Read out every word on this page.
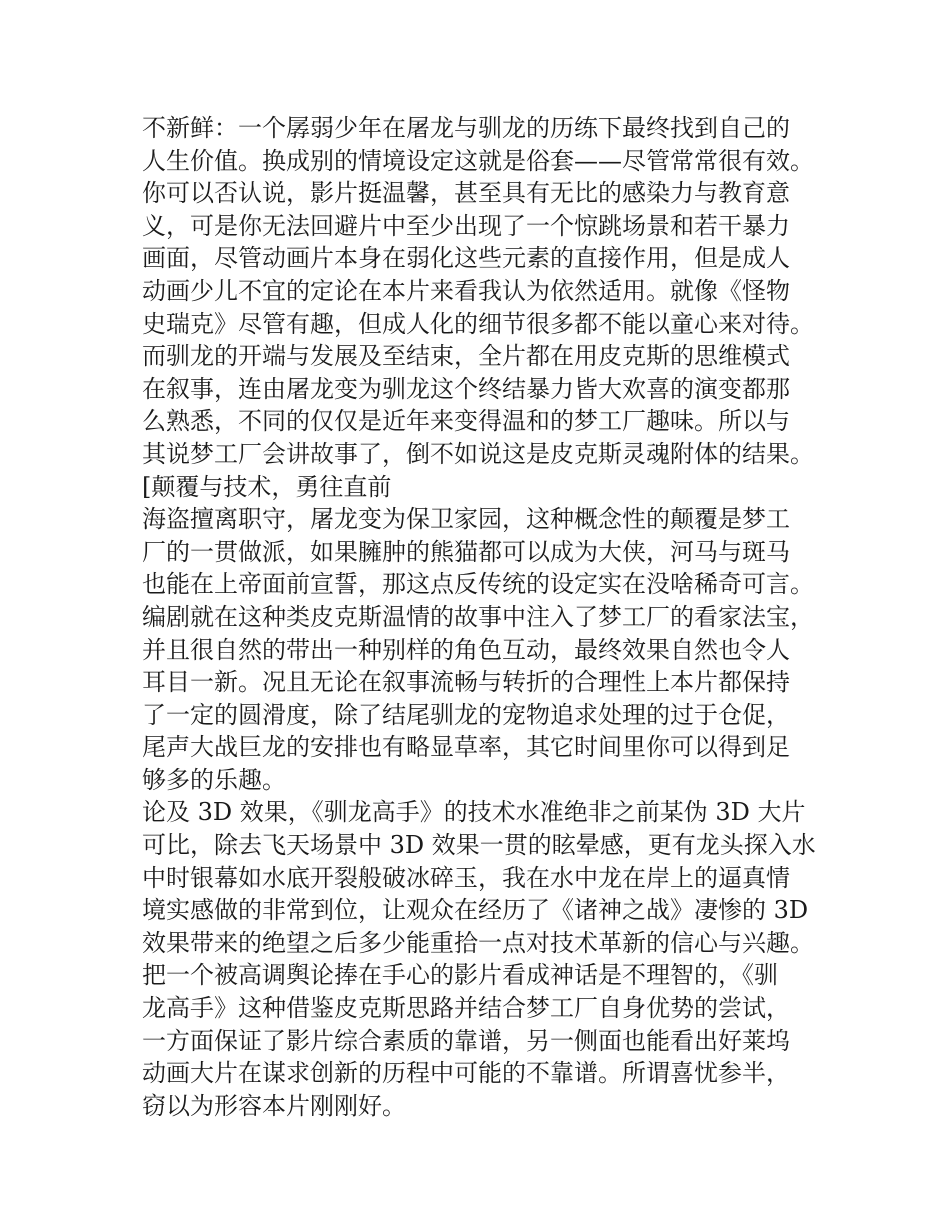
不新鲜：一个孱弱少年在屠龙与驯龙的历练下最终找到自己的
人生价值。换成别的情境设定这就是俗套——尽管常常很有效。
你可以否认说，影片挺温馨，甚至具有无比的感染力与教育意
义，可是你无法回避片中至少出现了一个惊跳场景和若干暴力
画面，尽管动画片本身在弱化这些元素的直接作用，但是成人
动画少儿不宜的定论在本片来看我认为依然适用。就像《怪物
史瑞克》尽管有趣，但成人化的细节很多都不能以童心来对待。
而驯龙的开端与发展及至结束，全片都在用皮克斯的思维模式
在叙事，连由屠龙变为驯龙这个终结暴力皆大欢喜的演变都那
么熟悉，不同的仅仅是近年来变得温和的梦工厂趣味。所以与
其说梦工厂会讲故事了，倒不如说这是皮克斯灵魂附体的结果。
[颠覆与技术，勇往直前
海盗擅离职守，屠龙变为保卫家园，这种概念性的颠覆是梦工
厂的一贯做派，如果臃肿的熊猫都可以成为大侠，河马与斑马
也能在上帝面前宣誓，那这点反传统的设定实在没啥稀奇可言。
编剧就在这种类皮克斯温情的故事中注入了梦工厂的看家法宝，
并且很自然的带出一种别样的角色互动，最终效果自然也令人
耳目一新。况且无论在叙事流畅与转折的合理性上本片都保持
了一定的圆滑度，除了结尾驯龙的宠物追求处理的过于仓促，
尾声大战巨龙的安排也有略显草率，其它时间里你可以得到足
够多的乐趣。
论及 3D 效果，《驯龙高手》的技术水准绝非之前某伪 3D 大片
可比，除去飞天场景中 3D 效果一贯的眩晕感，更有龙头探入水
中时银幕如水底开裂般破冰碎玉，我在水中龙在岸上的逼真情
境实感做的非常到位，让观众在经历了《诸神之战》凄惨的 3D
效果带来的绝望之后多少能重拾一点对技术革新的信心与兴趣。
把一个被高调舆论捧在手心的影片看成神话是不理智的，《驯
龙高手》这种借鉴皮克斯思路并结合梦工厂自身优势的尝试，
一方面保证了影片综合素质的靠谱，另一侧面也能看出好莱坞
动画大片在谋求创新的历程中可能的不靠谱。所谓喜忧参半，
窃以为形容本片刚刚好。
